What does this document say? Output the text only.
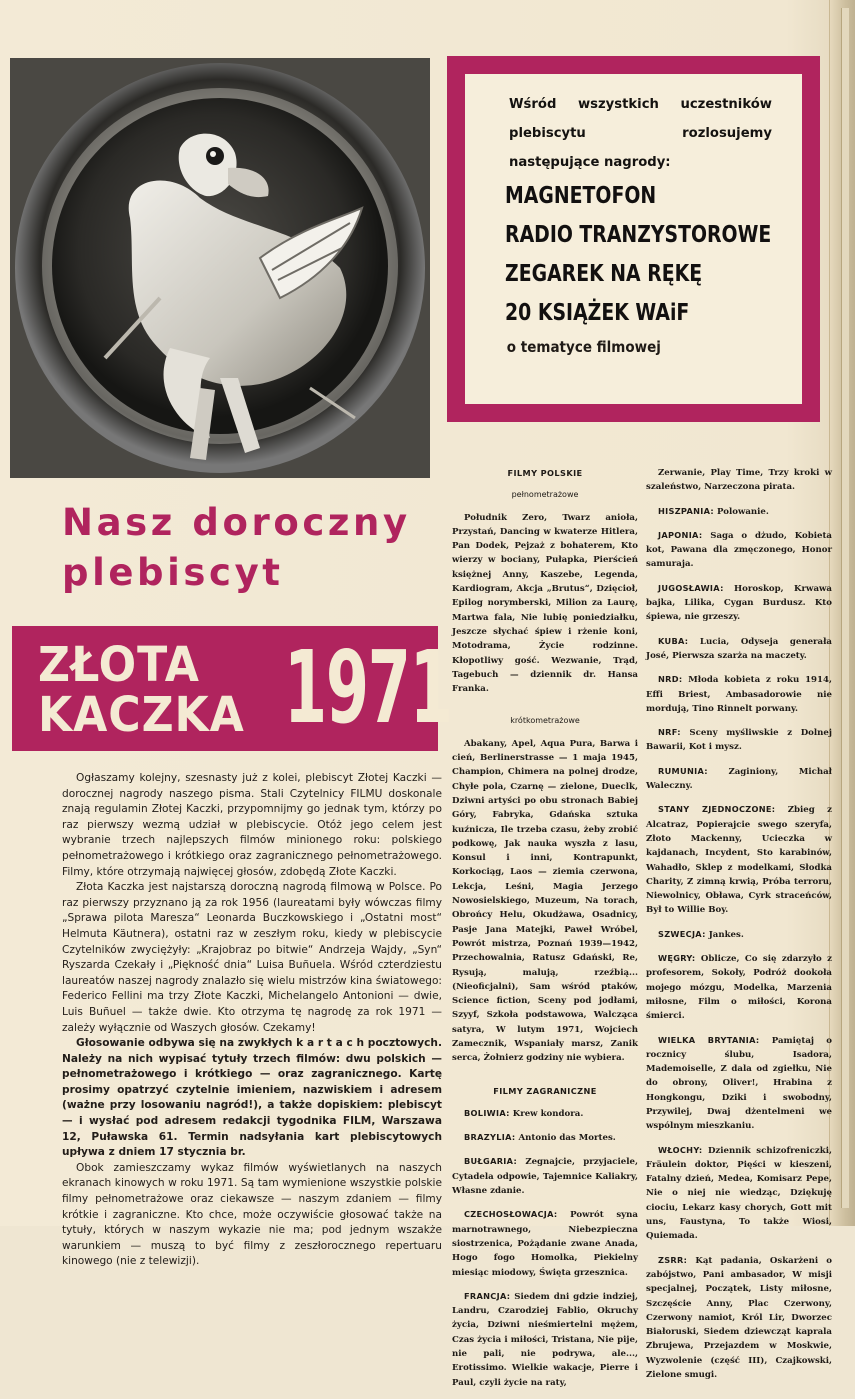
Wśród wszystkich uczestników plebiscytu rozlosujemy następujące nagrody:

MAGNETOFON
RADIO TRANZYSTOROWE
ZEGAREK NA RĘKĘ
20 KSIĄŻEK WAiF
o tematyce filmowej
Nasz doroczny
plebiscyt
ZŁOTA
KACZKA 1971

Ogłaszamy kolejny, szesnasty już z kolei, plebiscyt Złotej Kaczki — dorocznej nagrody naszego pisma. Stali Czytelnicy FILMU doskonale znają regulamin Złotej Kaczki, przypomnijmy go jednak tym, którzy po raz pierwszy wezmą udział w plebiscycie. Otóż jego celem jest wybranie trzech najlepszych filmów minionego roku: polskiego pełnometrażowego i krótkiego oraz zagranicznego pełnometrażowego. Filmy, które otrzymają najwięcej głosów, zdobędą Złote Kaczki.

Złota Kaczka jest najstarszą doroczną nagrodą filmową w Polsce. Po raz pierwszy przyznano ją za rok 1956 (laureatami były wówczas filmy „Sprawa pilota Maresza“ Leonarda Buczkowskiego i „Ostatni most“ Helmuta Käutnera), ostatni raz w zeszłym roku, kiedy w plebiscycie Czytelników zwyciężyły: „Krajobraz po bitwie“ Andrzeja Wajdy, „Syn“ Ryszarda Czekały i „Piękność dnia“ Luisa Buñuela. Wśród czterdziestu laureatów naszej nagrody znalazło się wielu mistrzów kina światowego: Federico Fellini ma trzy Złote Kaczki, Michelangelo Antonioni — dwie, Luis Buñuel — także dwie. Kto otrzyma tę nagrodę za rok 1971 — zależy wyłącznie od Waszych głosów. Czekamy!

Głosowanie odbywa się na zwykłych k a r t a c h pocztowych. Należy na nich wypisać tytuły trzech filmów: dwu polskich — pełnometrażowego i krótkiego — oraz zagranicznego. Kartę prosimy opatrzyć czytelnie imieniem, nazwiskiem i adresem (ważne przy losowaniu nagród!), a także dopiskiem: plebiscyt — i wysłać pod adresem redakcji tygodnika FILM, Warszawa 12, Puławska 61. Termin nadsyłania kart plebiscytowych upływa z dniem 17 stycznia br.

Obok zamieszczamy wykaz filmów wyświetlanych na naszych ekranach kinowych w roku 1971. Są tam wymienione wszystkie polskie filmy pełnometrażowe oraz ciekawsze — naszym zdaniem — filmy krótkie i zagraniczne. Kto chce, może oczywiście głosować także na tytuły, których w naszym wykazie nie ma; pod jednym wszakże warunkiem — muszą to być filmy z zeszłorocznego repertuaru kinowego (nie z telewizji).

FILMY POLSKIE
pełnometrażowe

Południk Zero, Twarz anioła, Przystań, Dancing w kwaterze Hitlera, Pan Dodek, Pejzaż z bohaterem, Kto wierzy w bociany, Pułapka, Pierścień księżnej Anny, Kaszebe, Legenda, Kardiogram, Akcja „Brutus“, Dzięcioł, Epilog norymberski, Milion za Laurę, Martwa fala, Nie lubię poniedziałku, Jeszcze słychać śpiew i rżenie koni, Motodrama, Życie rodzinne. Kłopotliwy gość. Wezwanie, Trąd, Tagebuch — dziennik dr. Hansa Franka.

krótkometrażowe

Abakany, Apel, Aqua Pura, Barwa i cień, Berlinerstrasse — 1 maja 1945, Champion, Chimera na polnej drodze, Chyłe pola, Czarnę — zielone, Dueclk, Dziwni artyści po obu stronach Babiej Góry, Fabryka, Gdańska sztuka kuźnicza, Ile trzeba czasu, żeby zrobić podkowę, Jak nauka wyszła z lasu, Konsul i inni, Kontrapunkt, Korkociąg, Laos — ziemia czerwona, Lekcja, Leśni, Magia Jerzego Nowosielskiego, Muzeum, Na torach, Obrońcy Helu, Okudżawa, Osadnicy, Pasje Jana Matejki, Paweł Wróbel, Powrót mistrza, Poznań 1939—1942, Przechowalnia, Ratusz Gdański, Re, Rysują, malują, rzeźbią... (Nieoficjalni), Sam wśród ptaków, Science fiction, Sceny pod jodłami, Szyyf, Szkoła podstawowa, Walcząca satyra, W lutym 1971, Wojciech Zamecznik, Wspaniały marsz, Zanik serca, Żołnierz godziny nie wybiera.

FILMY ZAGRANICZNE

BOLIWIA: Krew kondora.

BRAZYLIA: Antonio das Mortes.

BUŁGARIA: Zegnajcie, przyjaciele, Cytadela odpowie, Tajemnice Kaliakry, Własne zdanie.

CZECHOSŁOWACJA: Powrót syna marnotrawnego, Niebezpieczna siostrzenica, Pożądanie zwane Anada, Hogo fogo Homolka, Piekielny miesiąc miodowy, Święta grzesznica.

FRANCJA: Siedem dni gdzie indziej, Landru, Czarodziej Fablio, Okruchy życia, Dziwni nieśmiertelni mężem, Czas życia i miłości, Tristana, Nie pije, nie pali, nie podrywa, ale..., Erotissimo. Wielkie wakacje, Pierre i Paul, czyli życie na raty,

Zerwanie, Play Time, Trzy kroki w szaleństwo, Narzeczona pirata.

HISZPANIA: Polowanie.

JAPONIA: Saga o dżudo, Kobieta kot, Pawana dla zmęczonego, Honor samuraja.

JUGOSŁAWIA: Horoskop, Krwawa bajka, Lilika, Cygan Burdusz. Kto śpiewa, nie grzeszy.

KUBA: Lucia, Odyseja generała José, Pierwsza szarża na maczety.

NRD: Młoda kobieta z roku 1914, Effi Briest, Ambasadorowie nie mordują, Tino Rinnelt porwany.

NRF: Sceny myśliwskie z Dolnej Bawarii, Kot i mysz.

RUMUNIA: Zaginiony, Michał Waleczny.

STANY ZJEDNOCZONE: Zbieg z Alcatraz, Popierajcie swego szeryfa, Złoto Mackenny, Ucieczka w kajdanach, Incydent, Sto karabinów, Wahadło, Sklep z modelkami, Słodka Charity, Z zimną krwią, Próba terroru, Niewolnicy, Obława, Cyrk straceńców, Był to Willie Boy.

SZWECJA: Jankes.

WĘGRY: Oblicze, Co się zdarzyło z profesorem, Sokoły, Podróż dookoła mojego mózgu, Modelka, Marzenia miłosne, Film o miłości, Korona śmierci.

WIELKA BRYTANIA: Pamiętaj o rocznicy ślubu, Isadora, Mademoiselle, Z dala od zgiełku, Nie do obrony, Oliver!, Hrabina z Hongkongu, Dziki i swobodny, Przywilej, Dwaj dżentelmeni we wspólnym mieszkaniu.

WŁOCHY: Dziennik schizofreniczki, Fräulein doktor, Pięści w kieszeni, Fatalny dzień, Medea, Komisarz Pepe, Nie o niej nie wiedząc, Dziękuję ciociu, Lekarz kasy chorych, Gott mit uns, Faustyna, To także Wiosi, Quiemada.

ZSRR: Kąt padania, Oskarżeni o zabójstwo, Pani ambasador, W misji specjalnej, Początek, Listy miłosne, Szczęście Anny, Plac Czerwony, Czerwony namiot, Król Lir, Dworzec Białoruski, Siedem dziewcząt kaprala Zbrujewa, Przejazdem w Moskwie, Wyzwolenie (część III), Czajkowski, Zielone smugi.
